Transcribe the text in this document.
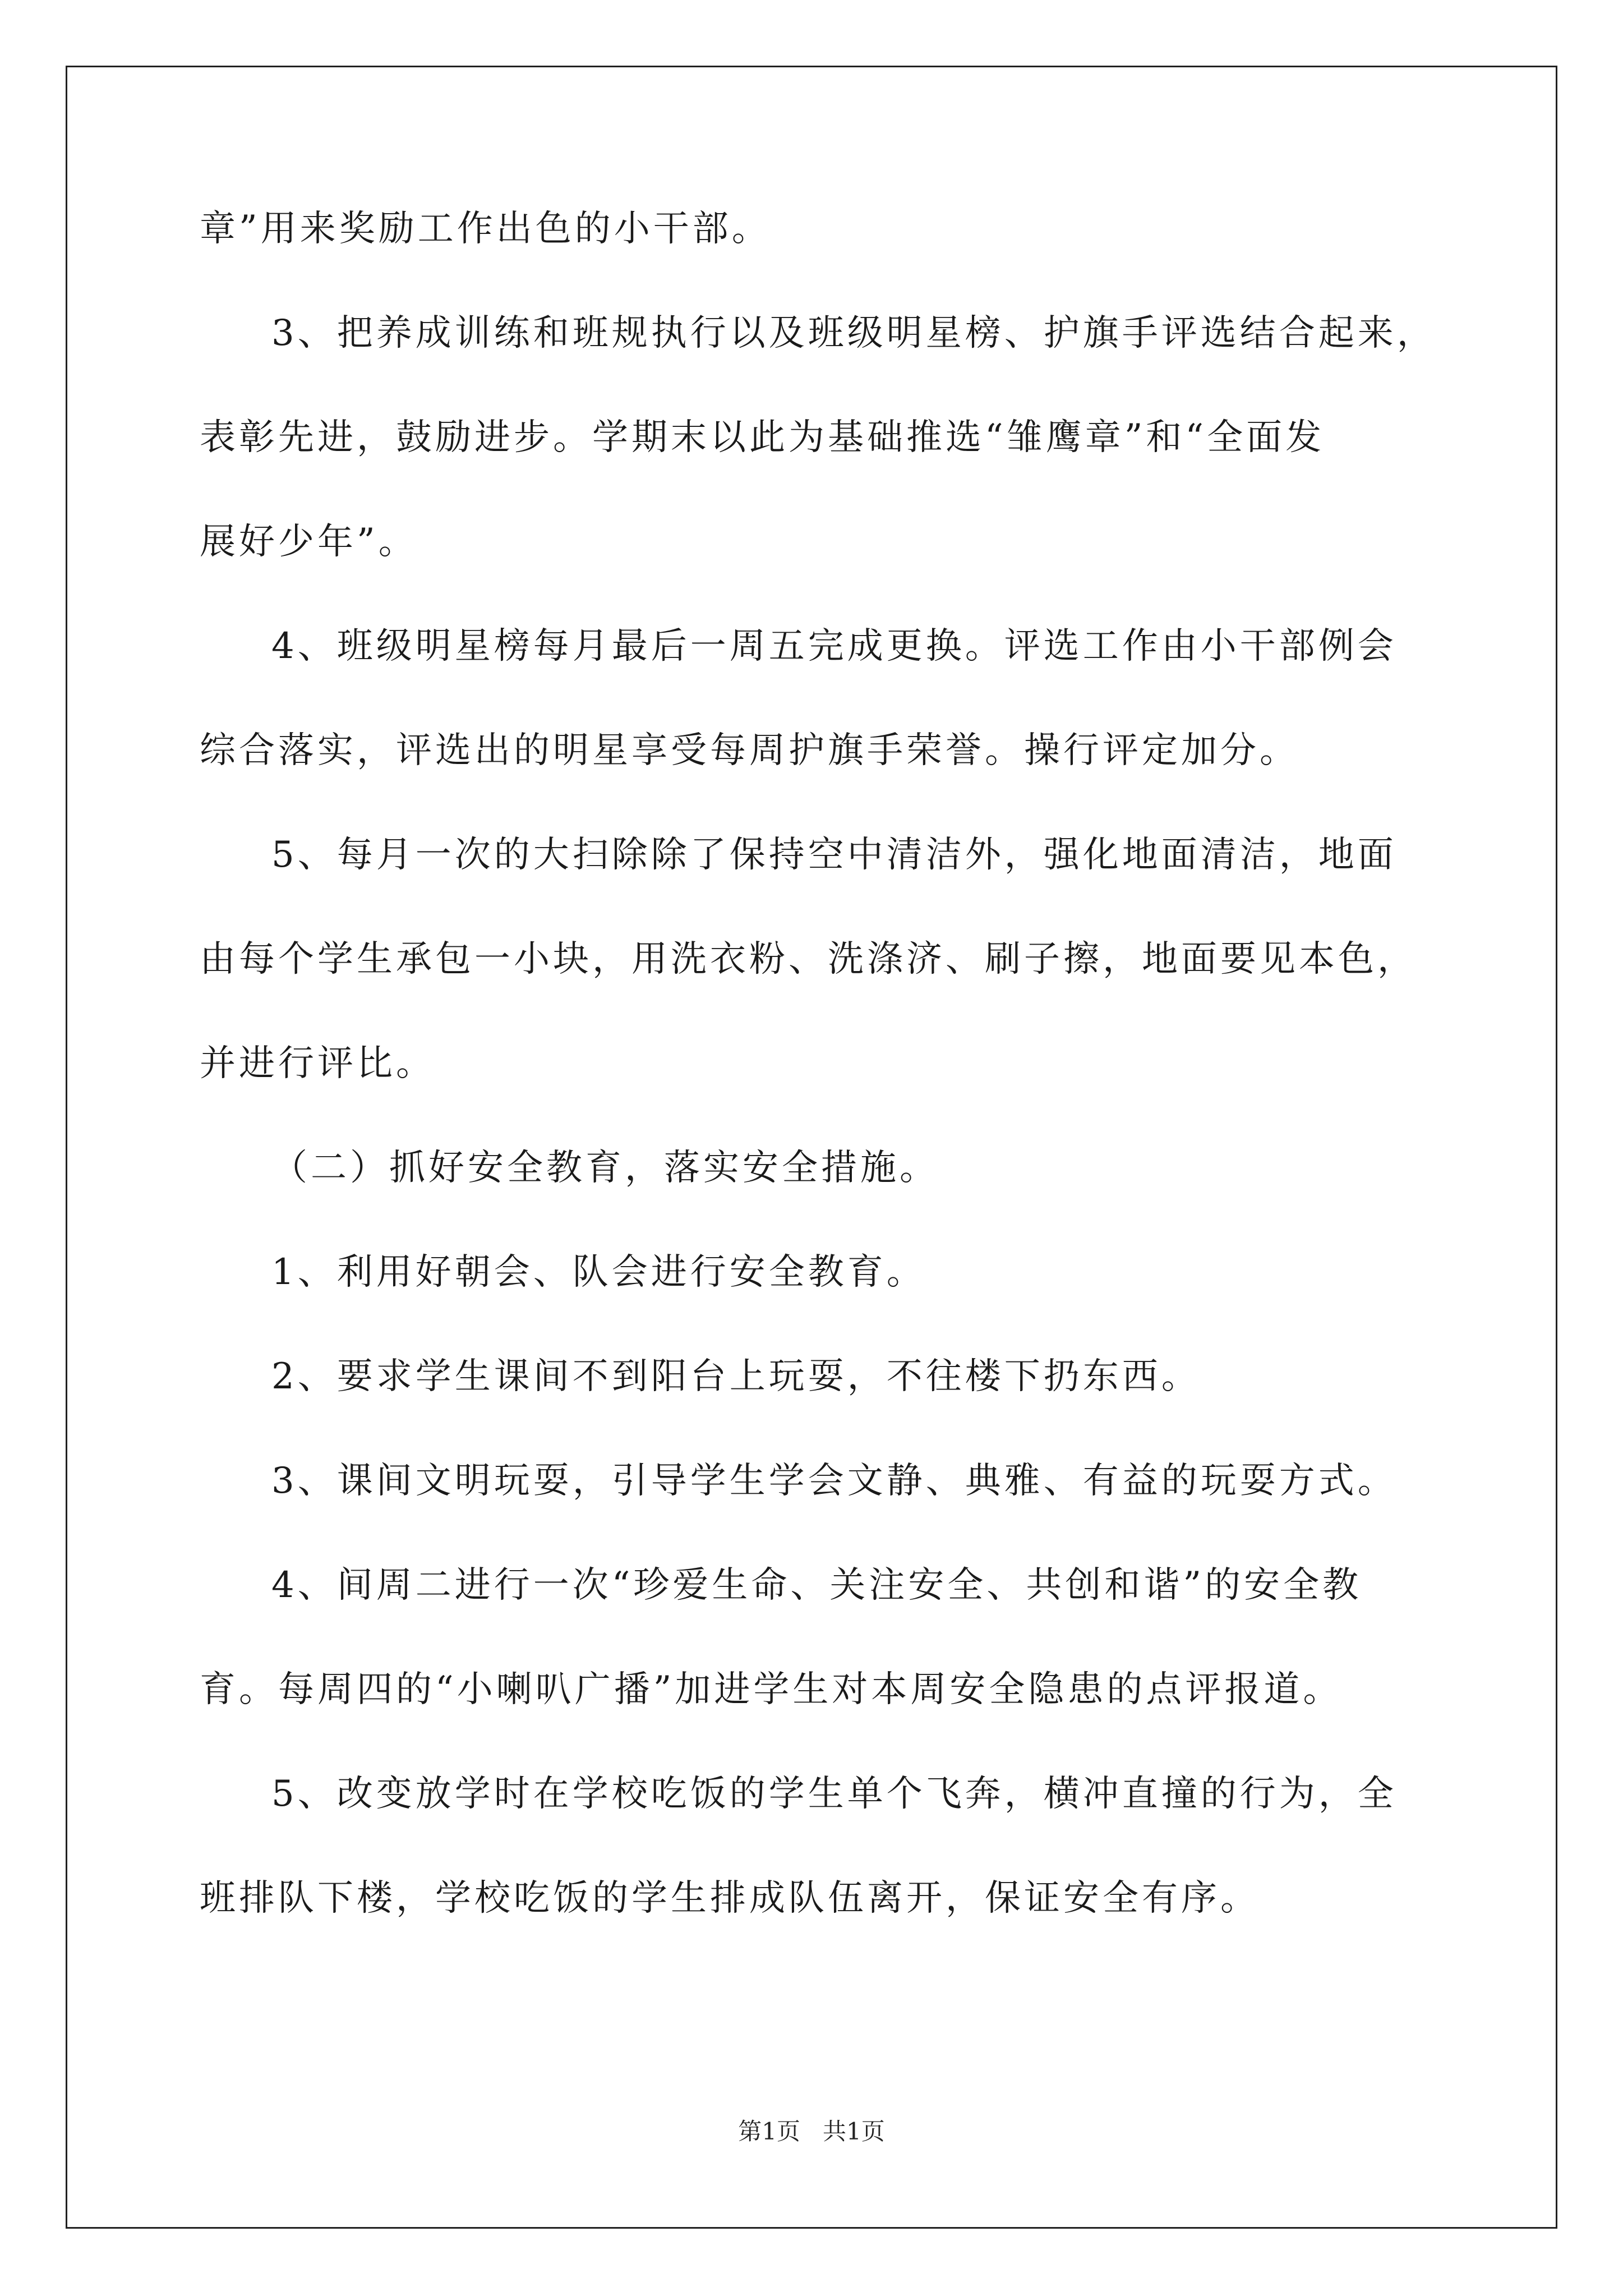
章”用来奖励工作出色的小干部。

3、把养成训练和班规执行以及班级明星榜、护旗手评选结合起来，

表彰先进，鼓励进步。学期末以此为基础推选“雏鹰章”和“全面发

展好少年”。

4、班级明星榜每月最后一周五完成更换。评选工作由小干部例会

综合落实，评选出的明星享受每周护旗手荣誉。操行评定加分。

5、每月一次的大扫除除了保持空中清洁外，强化地面清洁，地面

由每个学生承包一小块，用洗衣粉、洗涤济、刷子擦，地面要见本色，

并进行评比。

（二）抓好安全教育，落实安全措施。

1、利用好朝会、队会进行安全教育。

2、要求学生课间不到阳台上玩耍，不往楼下扔东西。

3、课间文明玩耍，引导学生学会文静、典雅、有益的玩耍方式。

4、间周二进行一次“珍爱生命、关注安全、共创和谐”的安全教

育。每周四的“小喇叭广播”加进学生对本周安全隐患的点评报道。

5、改变放学时在学校吃饭的学生单个飞奔，横冲直撞的行为，全

班排队下楼，学校吃饭的学生排成队伍离开，保证安全有序。

第1页 共1页
